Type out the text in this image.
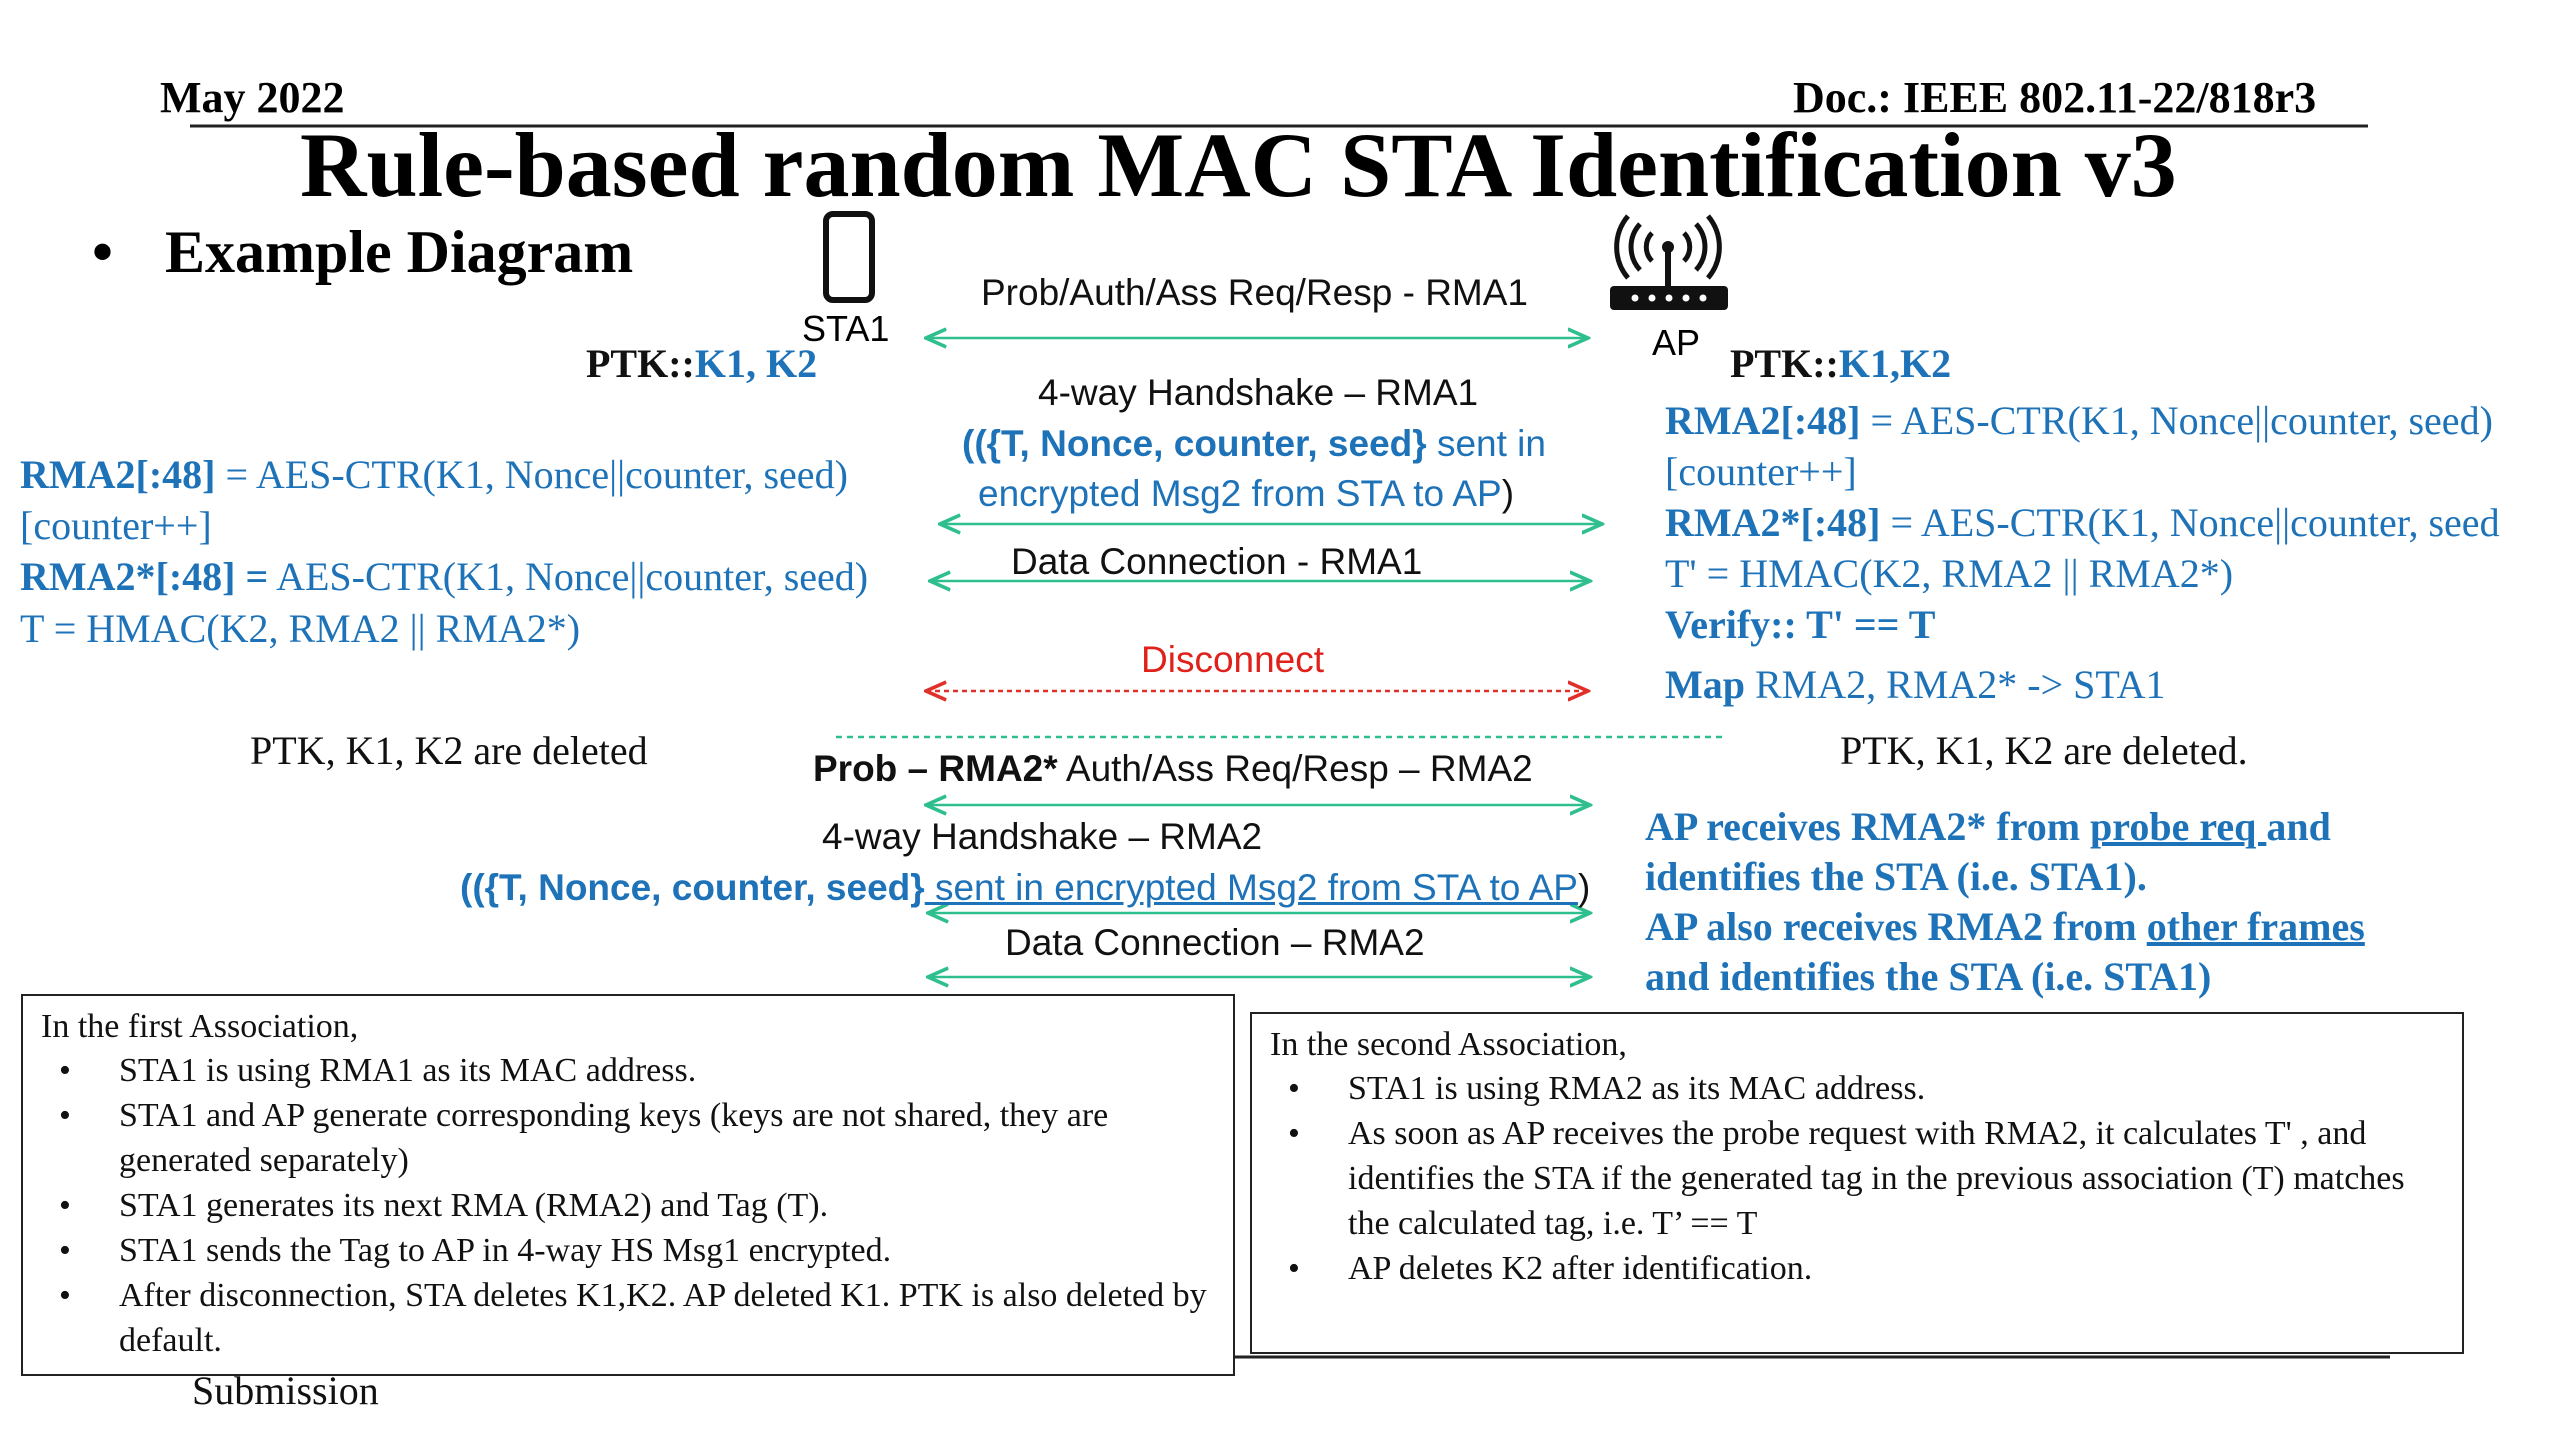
May 2022	Doc.: IEEE 802.11-22/818r3
Rule-based random MAC STA Identification v3
• Example Diagram
STA1	AP
PTK::K1, K2	PTK::K1,K2
Prob/Auth/Ass Req/Resp - RMA1
4-way Handshake – RMA1
(({T, Nonce, counter, seed} sent in
encrypted Msg2 from STA to AP)
Data Connection - RMA1
Disconnect
Prob – RMA2* Auth/Ass Req/Resp – RMA2
4-way Handshake – RMA2
(({T, Nonce, counter, seed} sent in encrypted Msg2 from STA to AP)
Data Connection – RMA2
RMA2[:48] = AES-CTR(K1, Nonce||counter, seed)
[counter++]
RMA2*[:48] = AES-CTR(K1, Nonce||counter, seed)
T = HMAC(K2, RMA2 || RMA2*)
RMA2[:48] = AES-CTR(K1, Nonce||counter, seed)
[counter++]
RMA2*[:48] = AES-CTR(K1, Nonce||counter, seed
T' = HMAC(K2, RMA2 || RMA2*)
Verify:: T' == T
Map RMA2, RMA2* -> STA1
PTK, K1, K2 are deleted	PTK, K1, K2 are deleted.
AP receives RMA2* from probe req and
identifies the STA (i.e. STA1).
AP also receives RMA2 from other frames
and identifies the STA (i.e. STA1)
In the first Association,
• STA1 is using RMA1 as its MAC address.
• STA1 and AP generate corresponding keys (keys are not shared, they are generated separately)
• STA1 generates its next RMA (RMA2) and Tag (T).
• STA1 sends the Tag to AP in 4-way HS Msg1 encrypted.
• After disconnection, STA deletes K1,K2. AP deleted K1. PTK is also deleted by default.
In the second Association,
• STA1 is using RMA2 as its MAC address.
• As soon as AP receives the probe request with RMA2, it calculates T' , and identifies the STA if the generated tag in the previous association (T) matches the calculated tag, i.e. T’ == T
• AP deletes K2 after identification.
Submission
